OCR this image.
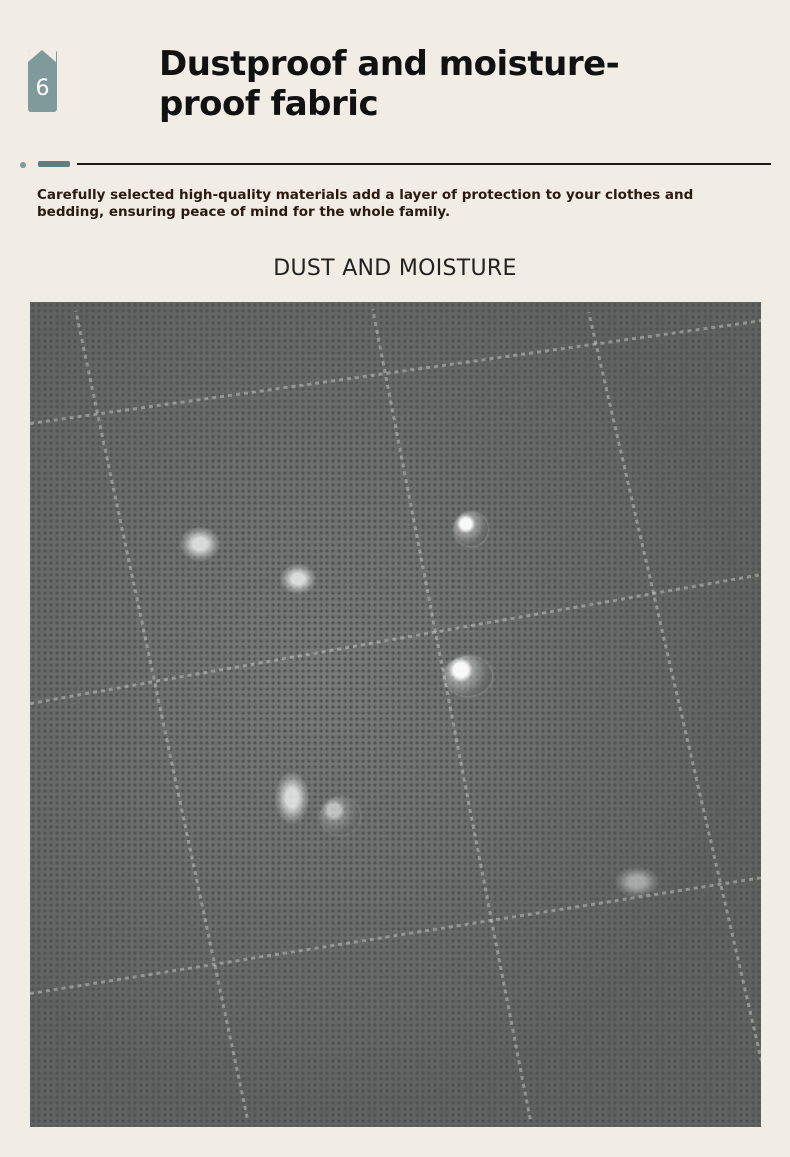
6
Dustproof and moisture-proof fabric

Carefully selected high-quality materials add a layer of protection to your clothes and bedding, ensuring peace of mind for the whole family.

DUST AND MOISTURE
